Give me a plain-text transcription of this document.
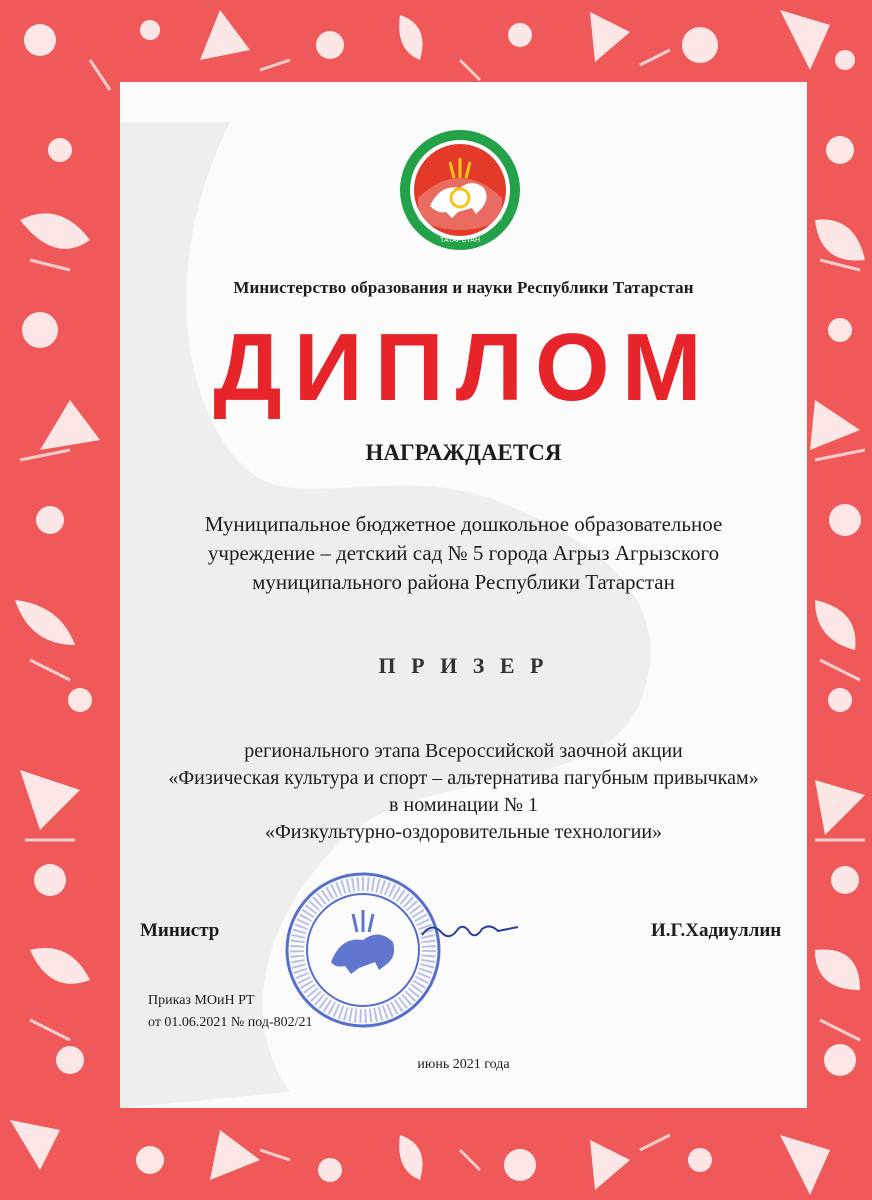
ТАТАРСТАН
Министерство образования и науки Республики Татарстан
ДИПЛОМ
НАГРАЖДАЕТСЯ
Муниципальное бюджетное дошкольное образовательное
учреждение – детский сад № 5 города Агрыз Агрызского
муниципального района Республики Татарстан
П Р И З Е Р
регионального этапа Всероссийской заочной акции
«Физическая культура и спорт – альтернатива пагубным привычкам»
в номинации № 1
«Физкультурно-оздоровительные технологии»
Министр	И.Г.Хадиуллин
Приказ МОиН РТ
от 01.06.2021 № под-802/21
июнь 2021 года
